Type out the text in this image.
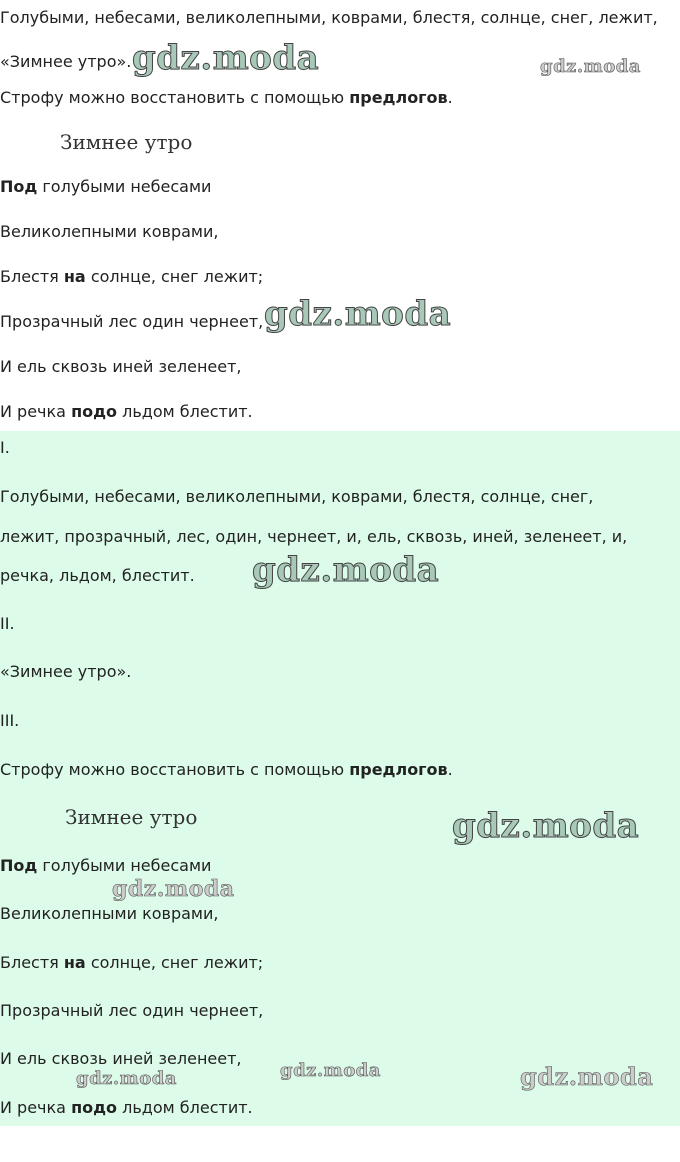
Голубыми, небесами, великолепными, коврами, блестя, солнце, снег, лежит,
«Зимнее утро».
Строфу можно восстановить с помощью предлогов.
Зимнее утро
Под голубыми небесами
Великолепными коврами,
Блестя на солнце, снег лежит;
Прозрачный лес один чернеет,
И ель сквозь иней зеленеет,
И речка подо льдом блестит.
I.
Голубыми, небесами, великолепными, коврами, блестя, солнце, снег,
лежит, прозрачный, лес, один, чернеет, и, ель, сквозь, иней, зеленеет, и,
речка, льдом, блестит.
II.
«Зимнее утро».
III.
Строфу можно восстановить с помощью предлогов.
Зимнее утро
Под голубыми небесами
Великолепными коврами,
Блестя на солнце, снег лежит;
Прозрачный лес один чернеет,
И ель сквозь иней зеленеет,
И речка подо льдом блестит.
gdz.moda	gdz.moda
gdz.moda
gdz.moda
gdz.moda
gdz.moda
gdz.moda	gdz.moda	gdz.moda
